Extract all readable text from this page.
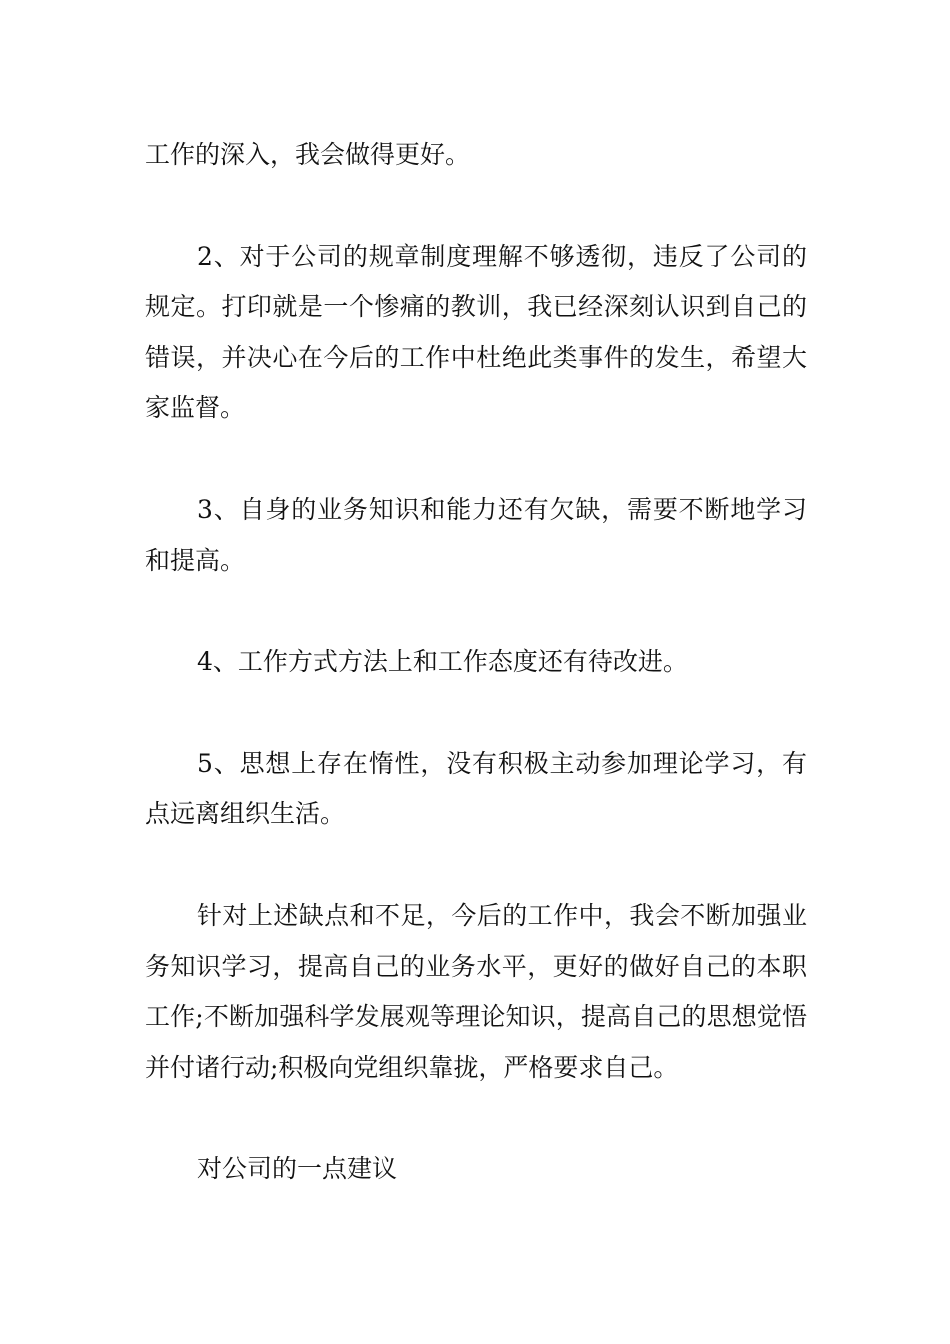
工作的深入，我会做得更好。

2、对于公司的规章制度理解不够透彻，违反了公司的规定。打印就是一个惨痛的教训，我已经深刻认识到自己的错误，并决心在今后的工作中杜绝此类事件的发生，希望大家监督。

3、自身的业务知识和能力还有欠缺，需要不断地学习和提高。

4、工作方式方法上和工作态度还有待改进。

5、思想上存在惰性，没有积极主动参加理论学习，有点远离组织生活。

针对上述缺点和不足，今后的工作中，我会不断加强业务知识学习，提高自己的业务水平，更好的做好自己的本职工作;不断加强科学发展观等理论知识，提高自己的思想觉悟并付诸行动;积极向党组织靠拢，严格要求自己。

对公司的一点建议
